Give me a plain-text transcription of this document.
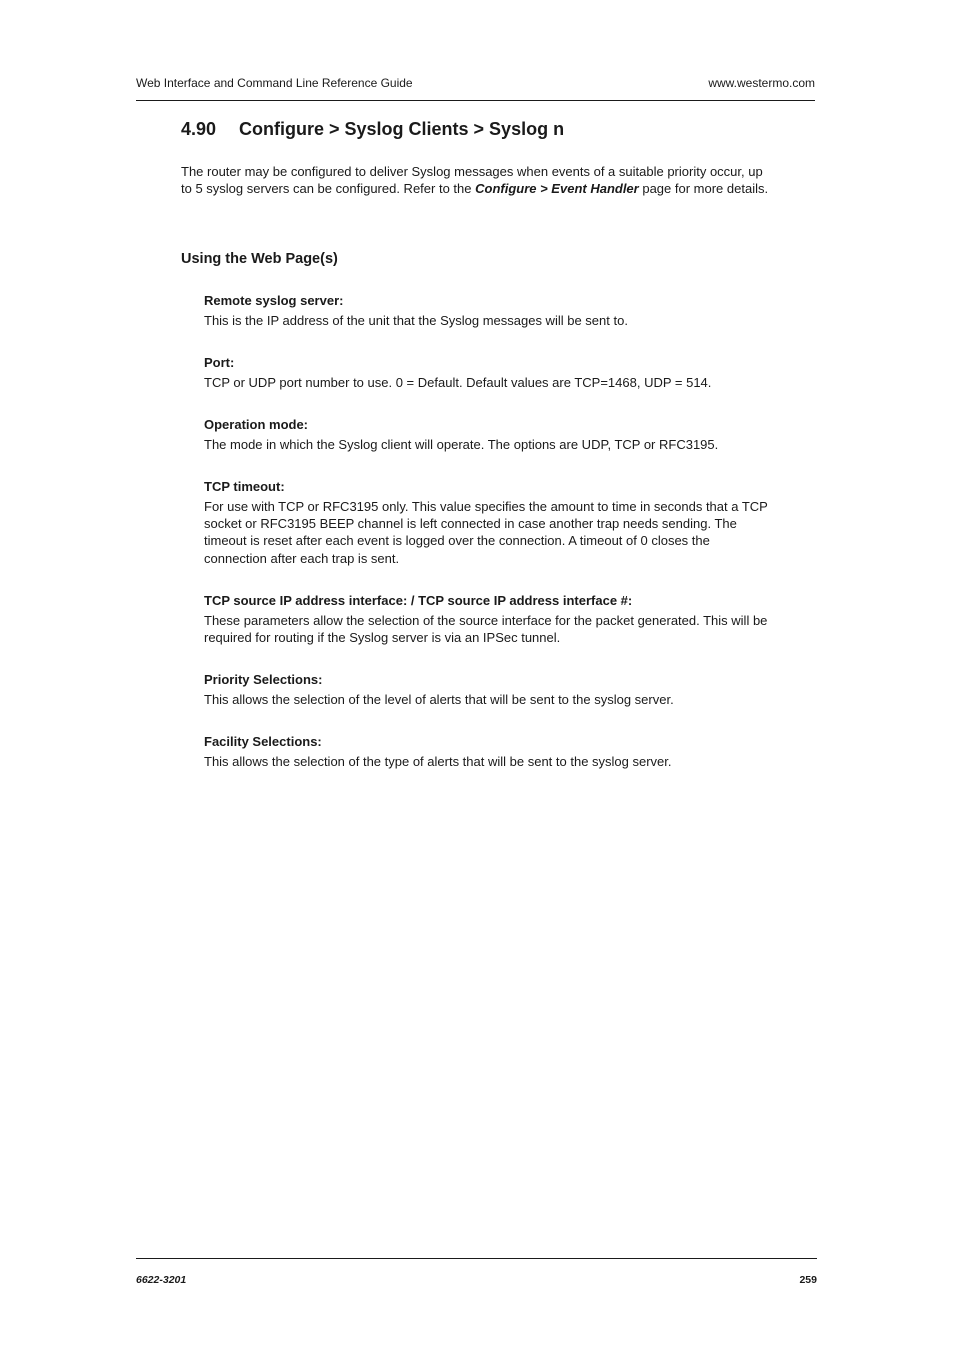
Web Interface and Command Line Reference Guide	www.westermo.com
4.90 Configure > Syslog Clients > Syslog n

The router may be configured to deliver Syslog messages when events of a suitable priority occur, up to 5 syslog servers can be configured. Refer to the Configure > Event Handler page for more details.

Using the Web Page(s)
Remote syslog server:
This is the IP address of the unit that the Syslog messages will be sent to.
Port:
TCP or UDP port number to use. 0 = Default. Default values are TCP=1468, UDP = 514.
Operation mode:
The mode in which the Syslog client will operate. The options are UDP, TCP or RFC3195.
TCP timeout:
For use with TCP or RFC3195 only. This value specifies the amount to time in seconds that a TCP socket or RFC3195 BEEP channel is left connected in case another trap needs sending. The timeout is reset after each event is logged over the connection. A timeout of 0 closes the connection after each trap is sent.
TCP source IP address interface: / TCP source IP address interface #:
These parameters allow the selection of the source interface for the packet generated. This will be required for routing if the Syslog server is via an IPSec tunnel.
Priority Selections:
This allows the selection of the level of alerts that will be sent to the syslog server.
Facility Selections:
This allows the selection of the type of alerts that will be sent to the syslog server.
6622-3201	259
